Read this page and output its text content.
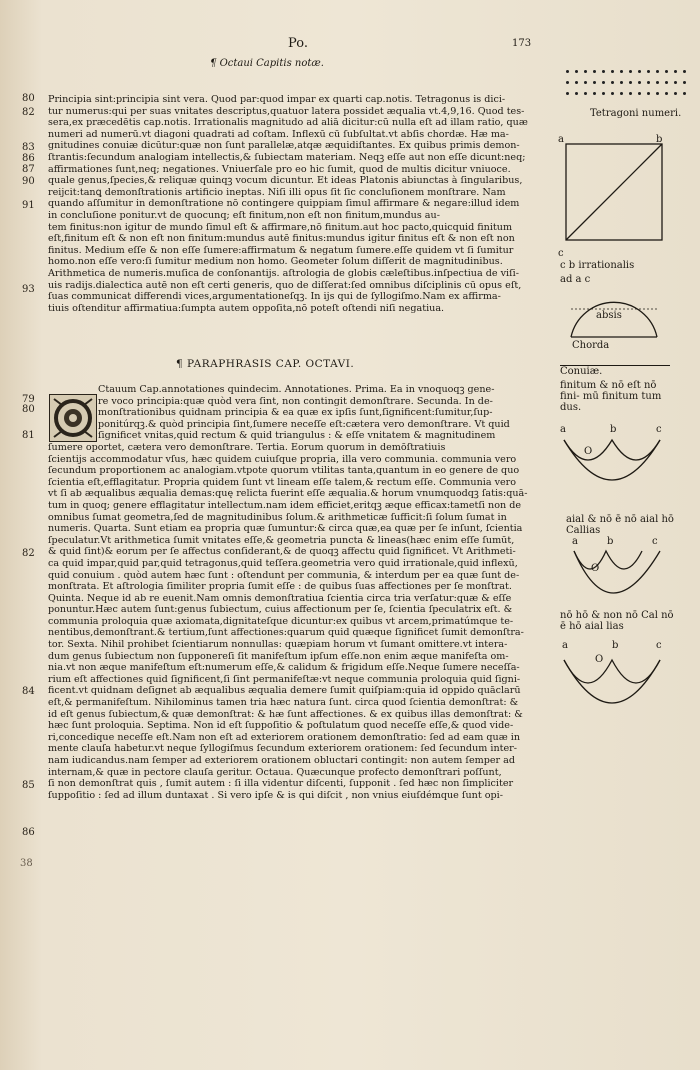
Po.	173
¶ Octaui Capitis notæ.
80
82
83
86
87
90
91
93

Principia sint:principia sint vera. Quod par:quod impar ex quarti cap.notis. Tetragonus is dici-

tur numerus:qui per suas vnitates descriptus,quatuor latera possidet æqualia vt.4,9,16. Quod tes-

sera,ex præcedētis cap.notis. Irrationalis magnitudo ad aliā dicitur:cū nulla eſt ad illam ratio, quæ

numeri ad numerū.vt diagoni quadrati ad coſtam. Inflexū cū ſubſultat.vt abſis chordæ. Hæ ma-

gnitudines conuiæ dicūtur:quæ non ſunt parallelæ,atqæ æquidiſtantes. Ex quibus primis demon-

ſtrantis:ſecundum analogiam intellectis,& ſubiectam materiam. Neqꝫ eſſe aut non eſſe dicunt:neq;

affirmationes ſunt,neq; negationes. Vniuerſale pro eo hic ſumit, quod de multis dicitur vniuoce.

quale genus,ſpecies,& reliquæ quinqꝫ vocum dicuntur. Et ideas Platonis abiunctas à ſingularibus,

reijcit:tanꝗ demonſtrationis artificio ineptas. Niſi illi opus ſit ſic concluſionem monſtrare. Nam

quando aſſumitur in demonſtratione nō contingere quippiam ſimul affirmare & negare:illud idem

in concluſione ponitur.vt de quocunq; eſt finitum,non eſt non finitum,mundus au-

tem finitus:non igitur de mundo ſimul eſt & affirmare,nō finitum.aut hoc pacto,quicquid finitum

eſt,finitum eſt & non eſt non finitum:mundus autē finitus:mundus igitur finitus eſt & non eſt non

finitus. Medium eſſe & non eſſe ſumere:affirmatum & negatum ſumere.eſſe quidem vt ſi ſumitur

homo.non eſſe vero:ſi ſumitur medium non homo. Geometer ſolum diſſerit de magnitudinibus.

Arithmetica de numeris.muſica de conſonantijs. aſtrologia de globis cæleſtibus.inſpectiua de viſi-

uis radijs.dialectica autē non eſt certi generis, quo de diſſerat:ſed omnibus diſciplinis cū opus eſt,

ſuas communicat differendi vices,argumentationeſqꝫ. In ijs qui de ſyllogiſmo.Nam ex affirma-

tiuis oſtenditur affirmatiua:ſumpta autem oppoſita,nō poteſt oſtendi niſi negatiua.

¶ PARAPHRASIS CAP. OCTAVI.
79
80
81
82
84
85
86

Ctauum Cap.annotationes quindecim. Annotationes. Prima. Ea in vnoquoqꝫ gene-

re voco principia:quæ quòd vera ſint, non contingit demonſtrare. Secunda. In de-

monſtrationibus quidnam principia & ea quæ ex ipſis ſunt,ſignificent:ſumitur,ſup-

ponitúrqꝫ.& quòd principia ſint,ſumere neceſſe eſt:cætera vero demonſtrare. Vt quid

ſignificet vnitas,quid rectum & quid triangulus : & eſſe vnitatem & magnitudinem

ſumere oportet, cætera vero demonſtrare. Tertia. Eorum quorum in demōſtratiuis

ſcientijs accommodatur vſus, hæc quidem cuiuſque propria, illa vero communia. communia vero

ſecundum proportionem ac analogiam.vtpote quorum vtilitas tanta,quantum in eo genere de quo

ſcientia eſt,efflagitatur. Propria quidem ſunt vt lineam eſſe talem,& rectum eſſe. Communia vero

vt ſi ab æqualibus æqualia demas:quę relicta fuerint eſſe æqualia.& horum vnumquodqꝫ ſatis:quā-

tum in quoq; genere efflagitatur intellectum.nam idem efficiet,eritqꝫ æque efficax:tametſi non de

omnibus ſumat geometra,ſed de magnitudinibus ſolum.& arithmeticæ ſufficit:ſi ſolum ſumat in

numeris. Quarta. Sunt etiam ea propria quæ ſumuntur:& circa quæ,ea quæ per ſe inſunt, ſcientia

ſpeculatur.Vt arithmetica ſumit vnitates eſſe,& geometria puncta & lineas(hæc enim eſſe ſumūt,

& quid ſint)& eorum per ſe affectus conſiderant,& de quoqꝫ affectu quid ſignificet. Vt Arithmeti-

ca quid impar,quid par,quid tetragonus,quid teſſera.geometria vero quid irrationale,quid inflexū,

quid conuium . quòd autem hæc ſunt : oſtendunt per communia, & interdum per ea quæ ſunt de-

monſtrata. Et aſtrologia ſimiliter propria ſumit eſſe : de quibus ſuas affectiones per ſe monſtrat.

Quinta. Neque id ab re euenit.Nam omnis demonſtratiua ſcientia circa tria verſatur:quæ & eſſe

ponuntur.Hæc autem ſunt:genus ſubiectum, cuius affectionum per ſe, ſcientia ſpeculatrix eſt. &

communia proloquia quæ axiomata,dignitateſque dicuntur:ex quibus vt arcem,primatúmque te-

nentibus,demonſtrant.& tertium,ſunt affectiones:quarum quid quæque ſignificet ſumit demonſtra-

tor. Sexta. Nihil prohibet ſcientiarum nonnullas: quæpiam horum vt ſumant omittere.vt intera-

dum genus ſubiectum non ſupponereſi ſit manifeſtum ipſum eſſe.non enim æque manifeſta om-

nia.vt non æque manifeſtum eſt:numerum eſſe,& calidum & frigidum eſſe.Neque ſumere neceſſa-

rium eſt affectiones quid ſignificent,ſi ſint permanifeſtæ:vt neque communia proloquia quid ſigni-

ficent.vt quidnam deſignet ab æqualibus æqualia demere ſumit quiſpiam:quia id oppido quāclarū

eſt,& permanifeſtum. Nihilominus tamen tria hæc natura ſunt. circa quod ſcientia demonſtrat: &

id eſt genus ſubiectum,& quæ demonſtrat: & hæ ſunt affectiones. & ex quibus illas demonſtrat: &

hæc ſunt proloquia. Septima. Non id eſt ſuppoſitio & poſtulatum quod neceſſe eſſe,& quod vide-

ri,concedique neceſſe eſt.Nam non eſt ad exteriorem orationem demonſtratio: ſed ad eam quæ in

mente clauſa habetur.vt neque ſyllogiſmus ſecundum exteriorem orationem: ſed ſecundum inter-

nam iudicandus.nam ſemper ad exteriorem orationem obluctari contingit: non autem ſemper ad

internam,& quæ in pectore clauſa geritur. Octaua. Quæcunque profecto demonſtrari poſſunt,

ſi non demonſtrat quis , ſumit autem : ſi illa videntur diſcenti, ſupponit . ſed hæc non ſimpliciter

ſuppoſitio : ſed ad illum duntaxat . Si vero ipſe & is qui diſcit , non vnius eiuſdémque ſunt opi-

Tetragoni numeri.
a	b
c
c b irrationalis
ad a c
absis
Chorda
Conuiæ.
finitum & nō eſt nō fini- mū finitum tum dus.
a	b	c
O
aial & nō ē nō aial hō Callias
a	b	c
O
nō hō & non nō Cal nō ē hō aial lias
a	b	c
O
38
